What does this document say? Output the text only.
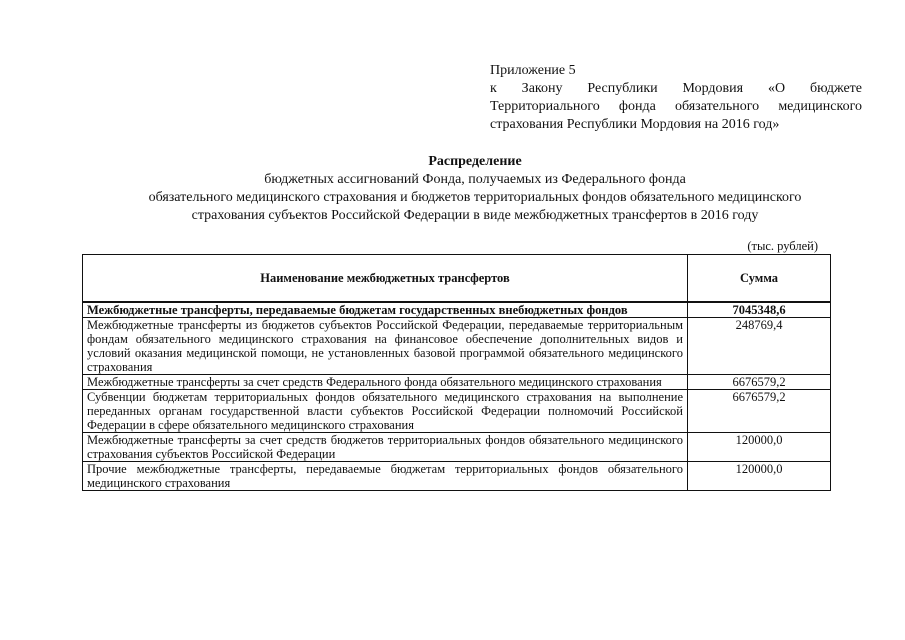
Приложение 5
к Закону Республики Мордовия «О бюджете Территориального фонда обязательного медицинского страхования Республики Мордовия на 2016 год»
Распределение
бюджетных ассигнований Фонда, получаемых из Федерального фонда
обязательного медицинского страхования и бюджетов территориальных фондов обязательного медицинского
страхования субъектов Российской Федерации в виде межбюджетных трансфертов в 2016 году
(тыс. рублей)
Наименование межбюджетных трансфертов	Сумма
Межбюджетные трансферты, передаваемые бюджетам государственных внебюджетных фондов	7045348,6
Межбюджетные трансферты из бюджетов субъектов Российской Федерации, передаваемые территориальным фондам обязательного медицинского страхования на финансовое обеспечение дополнительных видов и условий оказания медицинской помощи, не установленных базовой программой обязательного медицинского страхования	248769,4
Межбюджетные трансферты за счет средств Федерального фонда обязательного медицинского страхования	6676579,2
Субвенции бюджетам территориальных фондов обязательного медицинского страхования на выполнение переданных органам государственной власти субъектов Российской Федерации полномочий Российской Федерации в сфере обязательного медицинского страхования	6676579,2
Межбюджетные трансферты за счет средств бюджетов территориальных фондов обязательного медицинского страхования субъектов Российской Федерации	120000,0
Прочие межбюджетные трансферты, передаваемые бюджетам территориальных фондов обязательного медицинского страхования	120000,0
